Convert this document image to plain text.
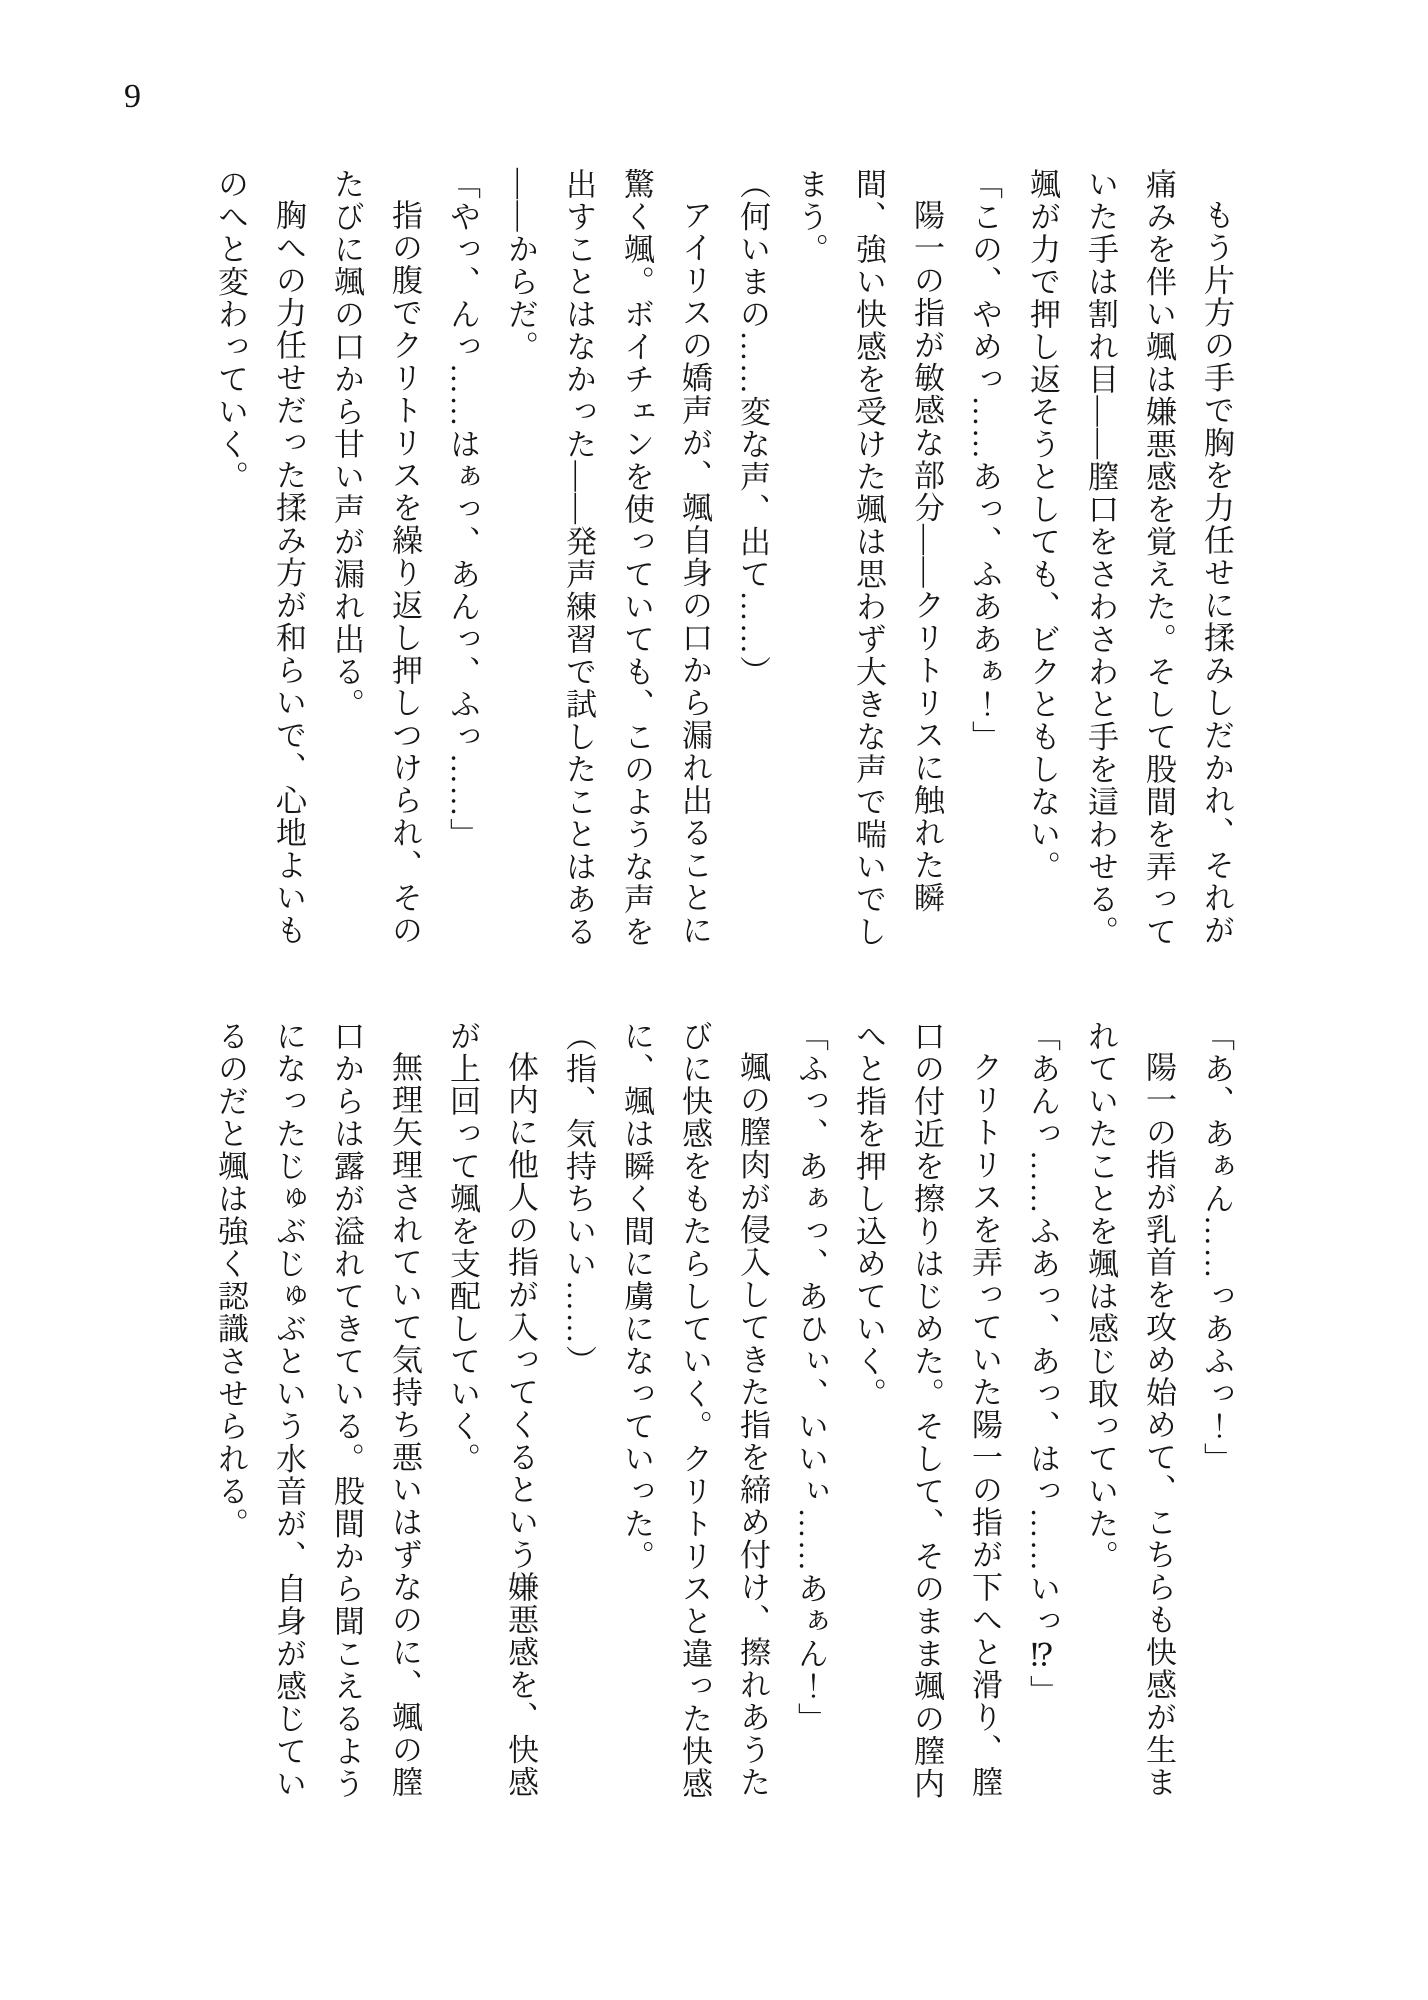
9

もう片方の手で胸を力任せに揉みしだかれ、それが

痛みを伴い颯は嫌悪感を覚えた。そして股間を弄って

いた手は割れ目——膣口をさわさわと手を這わせる。

颯が力で押し返そうとしても、ビクともしない。

「この、やめっ……あっ、ふああぁ！」

陽一の指が敏感な部分——クリトリスに触れた瞬

間、強い快感を受けた颯は思わず大きな声で喘いでし

まう。

（何いまの……変な声、出て……）

アイリスの嬌声が、颯自身の口から漏れ出ることに

驚く颯。ボイチェンを使っていても、このような声を

出すことはなかった——発声練習で試したことはある

——からだ。

「やっ、んっ……はぁっ、あんっ、ふっ……」

指の腹でクリトリスを繰り返し押しつけられ、その

たびに颯の口から甘い声が漏れ出る。

胸への力任せだった揉み方が和らいで、心地よいも

のへと変わっていく。

「あ、あぁん……っあふっ！」

陽一の指が乳首を攻め始めて、こちらも快感が生ま

れていたことを颯は感じ取っていた。

「あんっ……ふあっ、あっ、はっ……いっ⁉」

クリトリスを弄っていた陽一の指が下へと滑り、膣

口の付近を擦りはじめた。そして、そのまま颯の膣内

へと指を押し込めていく。

「ふっ、あぁっ、あひぃ、いいぃ……あぁん！」

颯の膣肉が侵入してきた指を締め付け、擦れあうた

びに快感をもたらしていく。クリトリスと違った快感

に、颯は瞬く間に虜になっていった。

（指、気持ちいい……）

体内に他人の指が入ってくるという嫌悪感を、快感

が上回って颯を支配していく。

無理矢理されていて気持ち悪いはずなのに、颯の膣

口からは露が溢れてきている。股間から聞こえるよう

になったじゅぶじゅぶという水音が、自身が感じてい

るのだと颯は強く認識させられる。
